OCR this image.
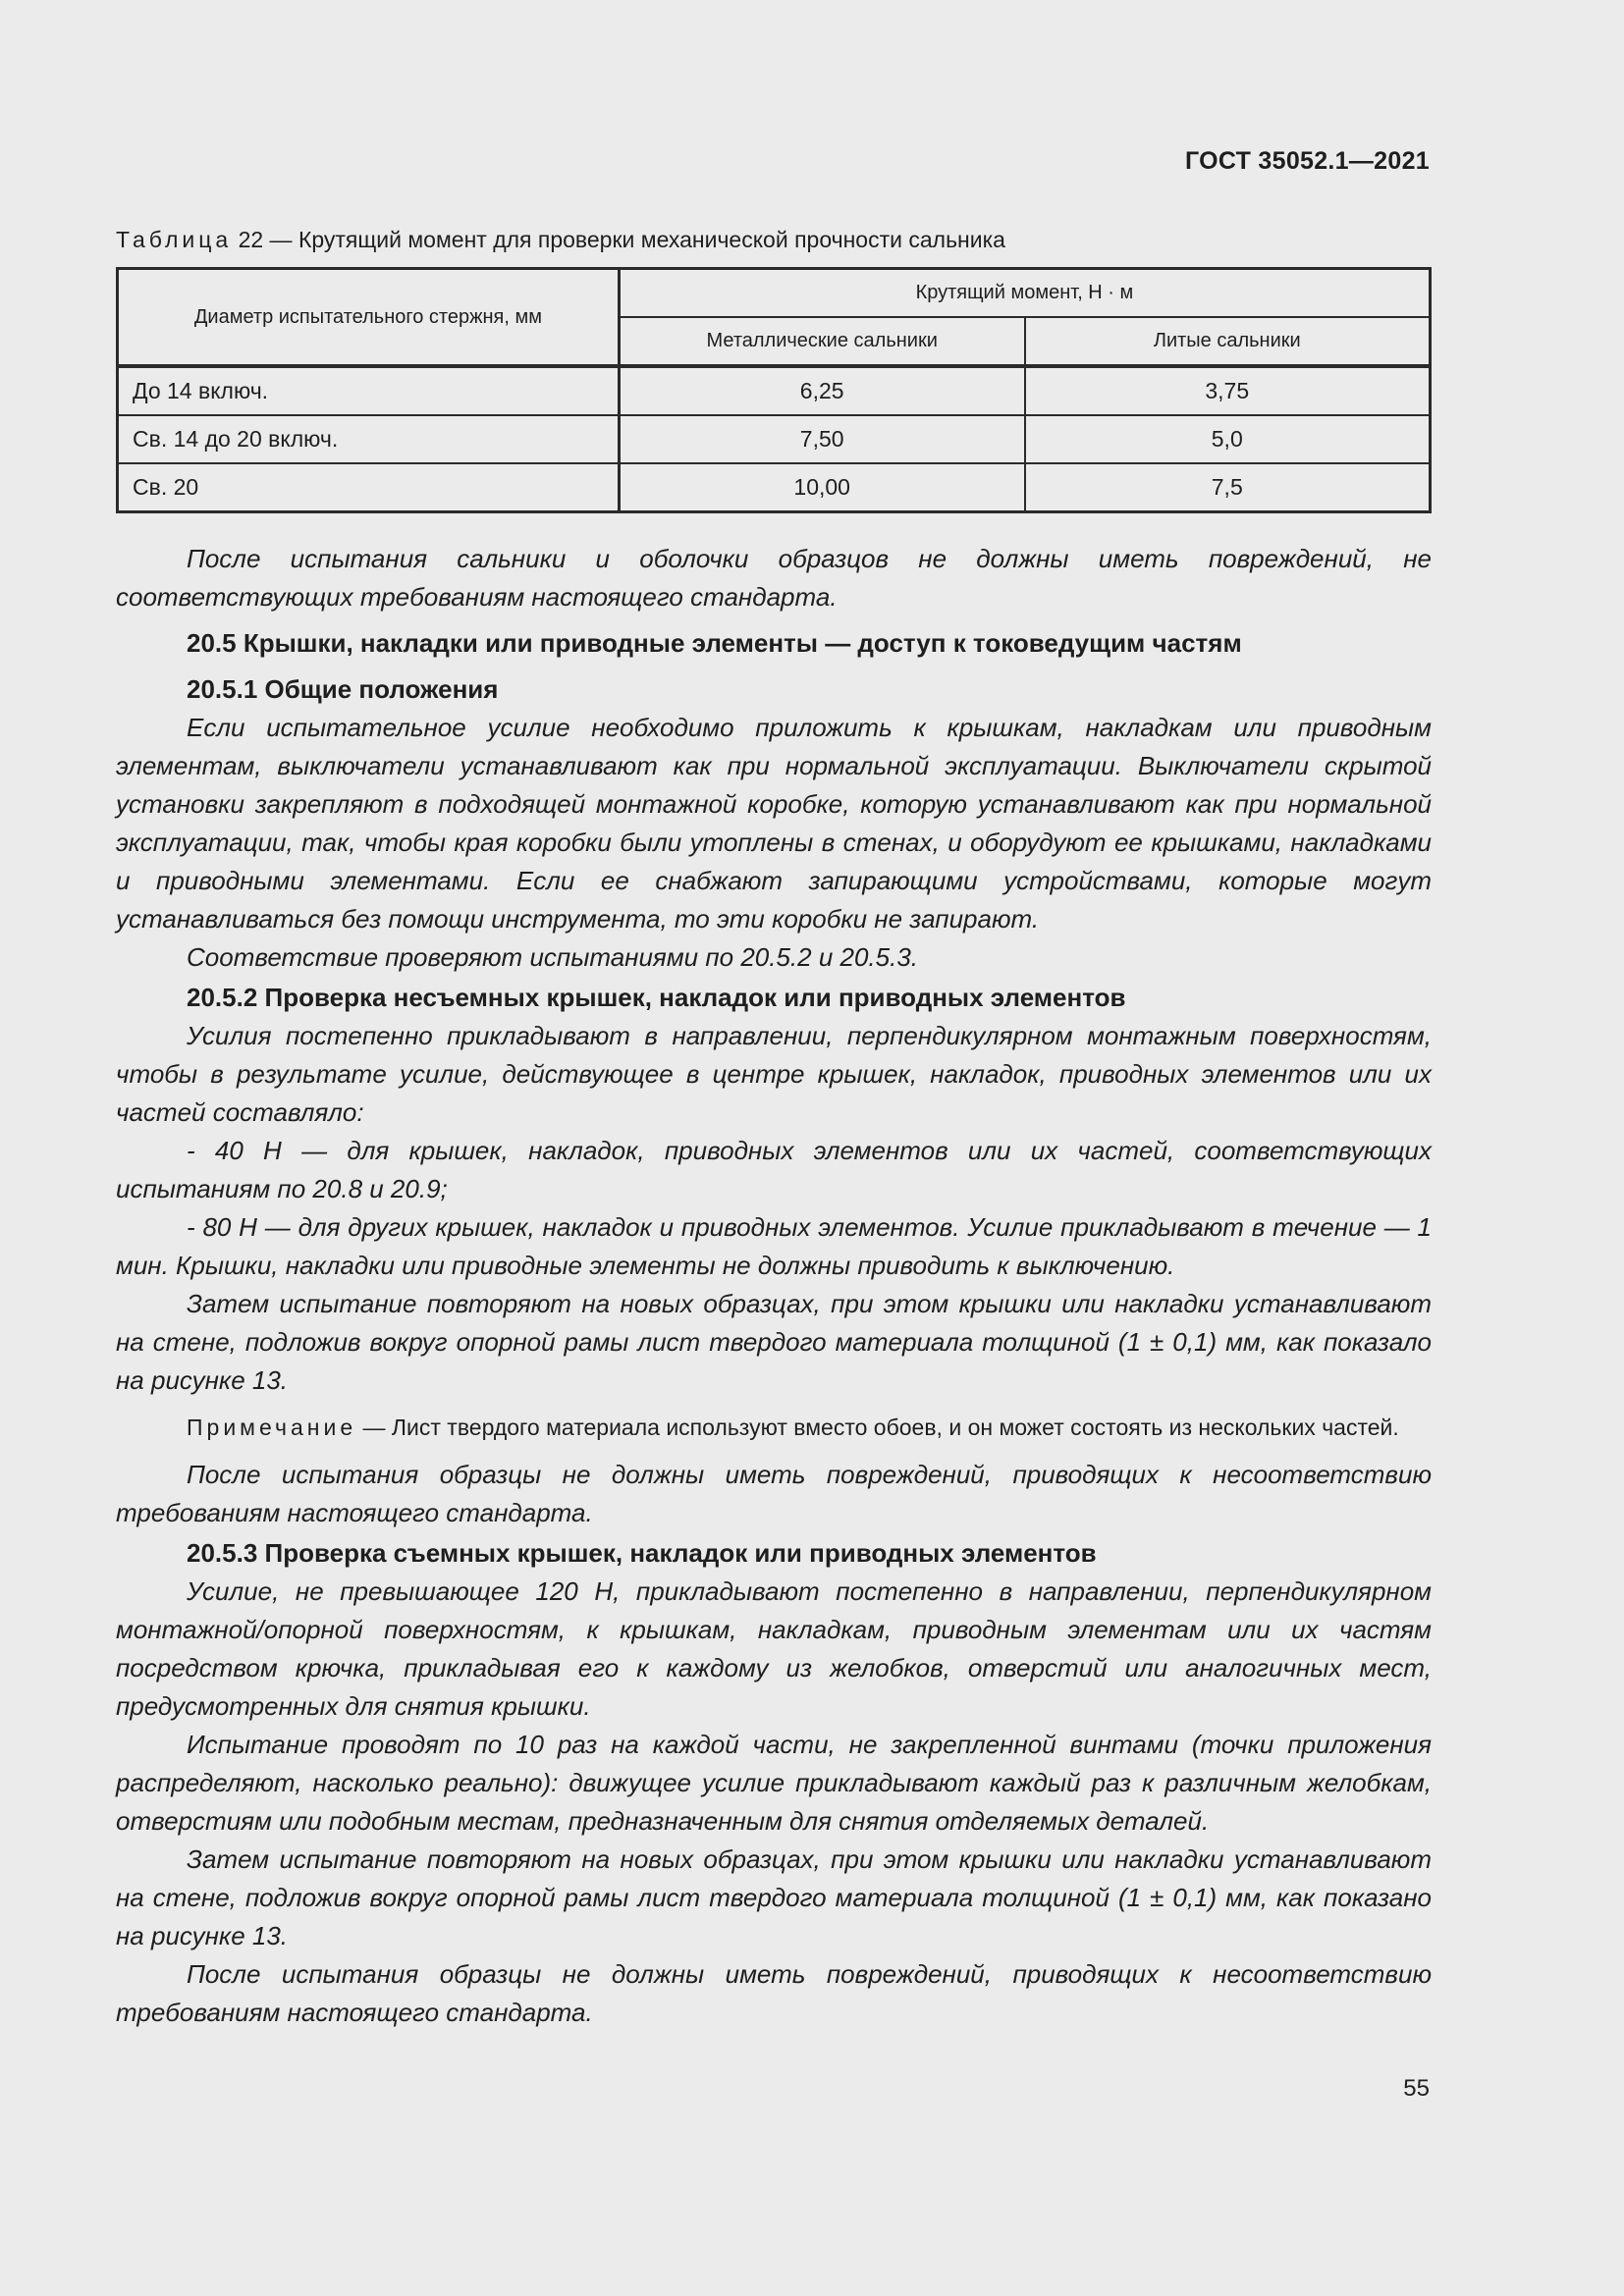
ГОСТ 35052.1—2021
Таблица 22 — Крутящий момент для проверки механической прочности сальника
Диаметр испытательного стержня, мм	Крутящий момент, Н · м	
	Металлические сальники	Литые сальники
До 14 включ.	6,25	3,75
Св. 14 до 20 включ.	7,50	5,0
Св. 20	10,00	7,5

После испытания сальники и оболочки образцов не должны иметь повреждений, не соответствующих требованиям настоящего стандарта.

20.5 Крышки, накладки или приводные элементы — доступ к токоведущим частям

20.5.1 Общие положения

Если испытательное усилие необходимо приложить к крышкам, накладкам или приводным элементам, выключатели устанавливают как при нормальной эксплуатации. Выключатели скрытой установки закрепляют в подходящей монтажной коробке, которую устанавливают как при нормальной эксплуатации, так, чтобы края коробки были утоплены в стенах, и оборудуют ее крышками, накладками и приводными элементами. Если ее снабжают запирающими устройствами, которые могут устанавливаться без помощи инструмента, то эти коробки не запирают.

Соответствие проверяют испытаниями по 20.5.2 и 20.5.3.

20.5.2 Проверка несъемных крышек, накладок или приводных элементов

Усилия постепенно прикладывают в направлении, перпендикулярном монтажным поверхностям, чтобы в результате усилие, действующее в центре крышек, накладок, приводных элементов или их частей составляло:

- 40 Н — для крышек, накладок, приводных элементов или их частей, соответствующих испытаниям по 20.8 и 20.9;

- 80 Н — для других крышек, накладок и приводных элементов. Усилие прикладывают в течение — 1 мин. Крышки, накладки или приводные элементы не должны приводить к выключению.

Затем испытание повторяют на новых образцах, при этом крышки или накладки устанавливают на стене, подложив вокруг опорной рамы лист твердого материала толщиной (1 ± 0,1) мм, как показало на рисунке 13.

Примечание — Лист твердого материала используют вместо обоев, и он может состоять из нескольких частей.

После испытания образцы не должны иметь повреждений, приводящих к несоответствию требованиям настоящего стандарта.

20.5.3 Проверка съемных крышек, накладок или приводных элементов

Усилие, не превышающее 120 Н, прикладывают постепенно в направлении, перпендикулярном монтажной/опорной поверхностям, к крышкам, накладкам, приводным элементам или их частям посредством крючка, прикладывая его к каждому из желобков, отверстий или аналогичных мест, предусмотренных для снятия крышки.

Испытание проводят по 10 раз на каждой части, не закрепленной винтами (точки приложения распределяют, насколько реально): движущее усилие прикладывают каждый раз к различным желобкам, отверстиям или подобным местам, предназначенным для снятия отделяемых деталей.

Затем испытание повторяют на новых образцах, при этом крышки или накладки устанавливают на стене, подложив вокруг опорной рамы лист твердого материала толщиной (1 ± 0,1) мм, как показано на рисунке 13.

После испытания образцы не должны иметь повреждений, приводящих к несоответствию требованиям настоящего стандарта.

55
